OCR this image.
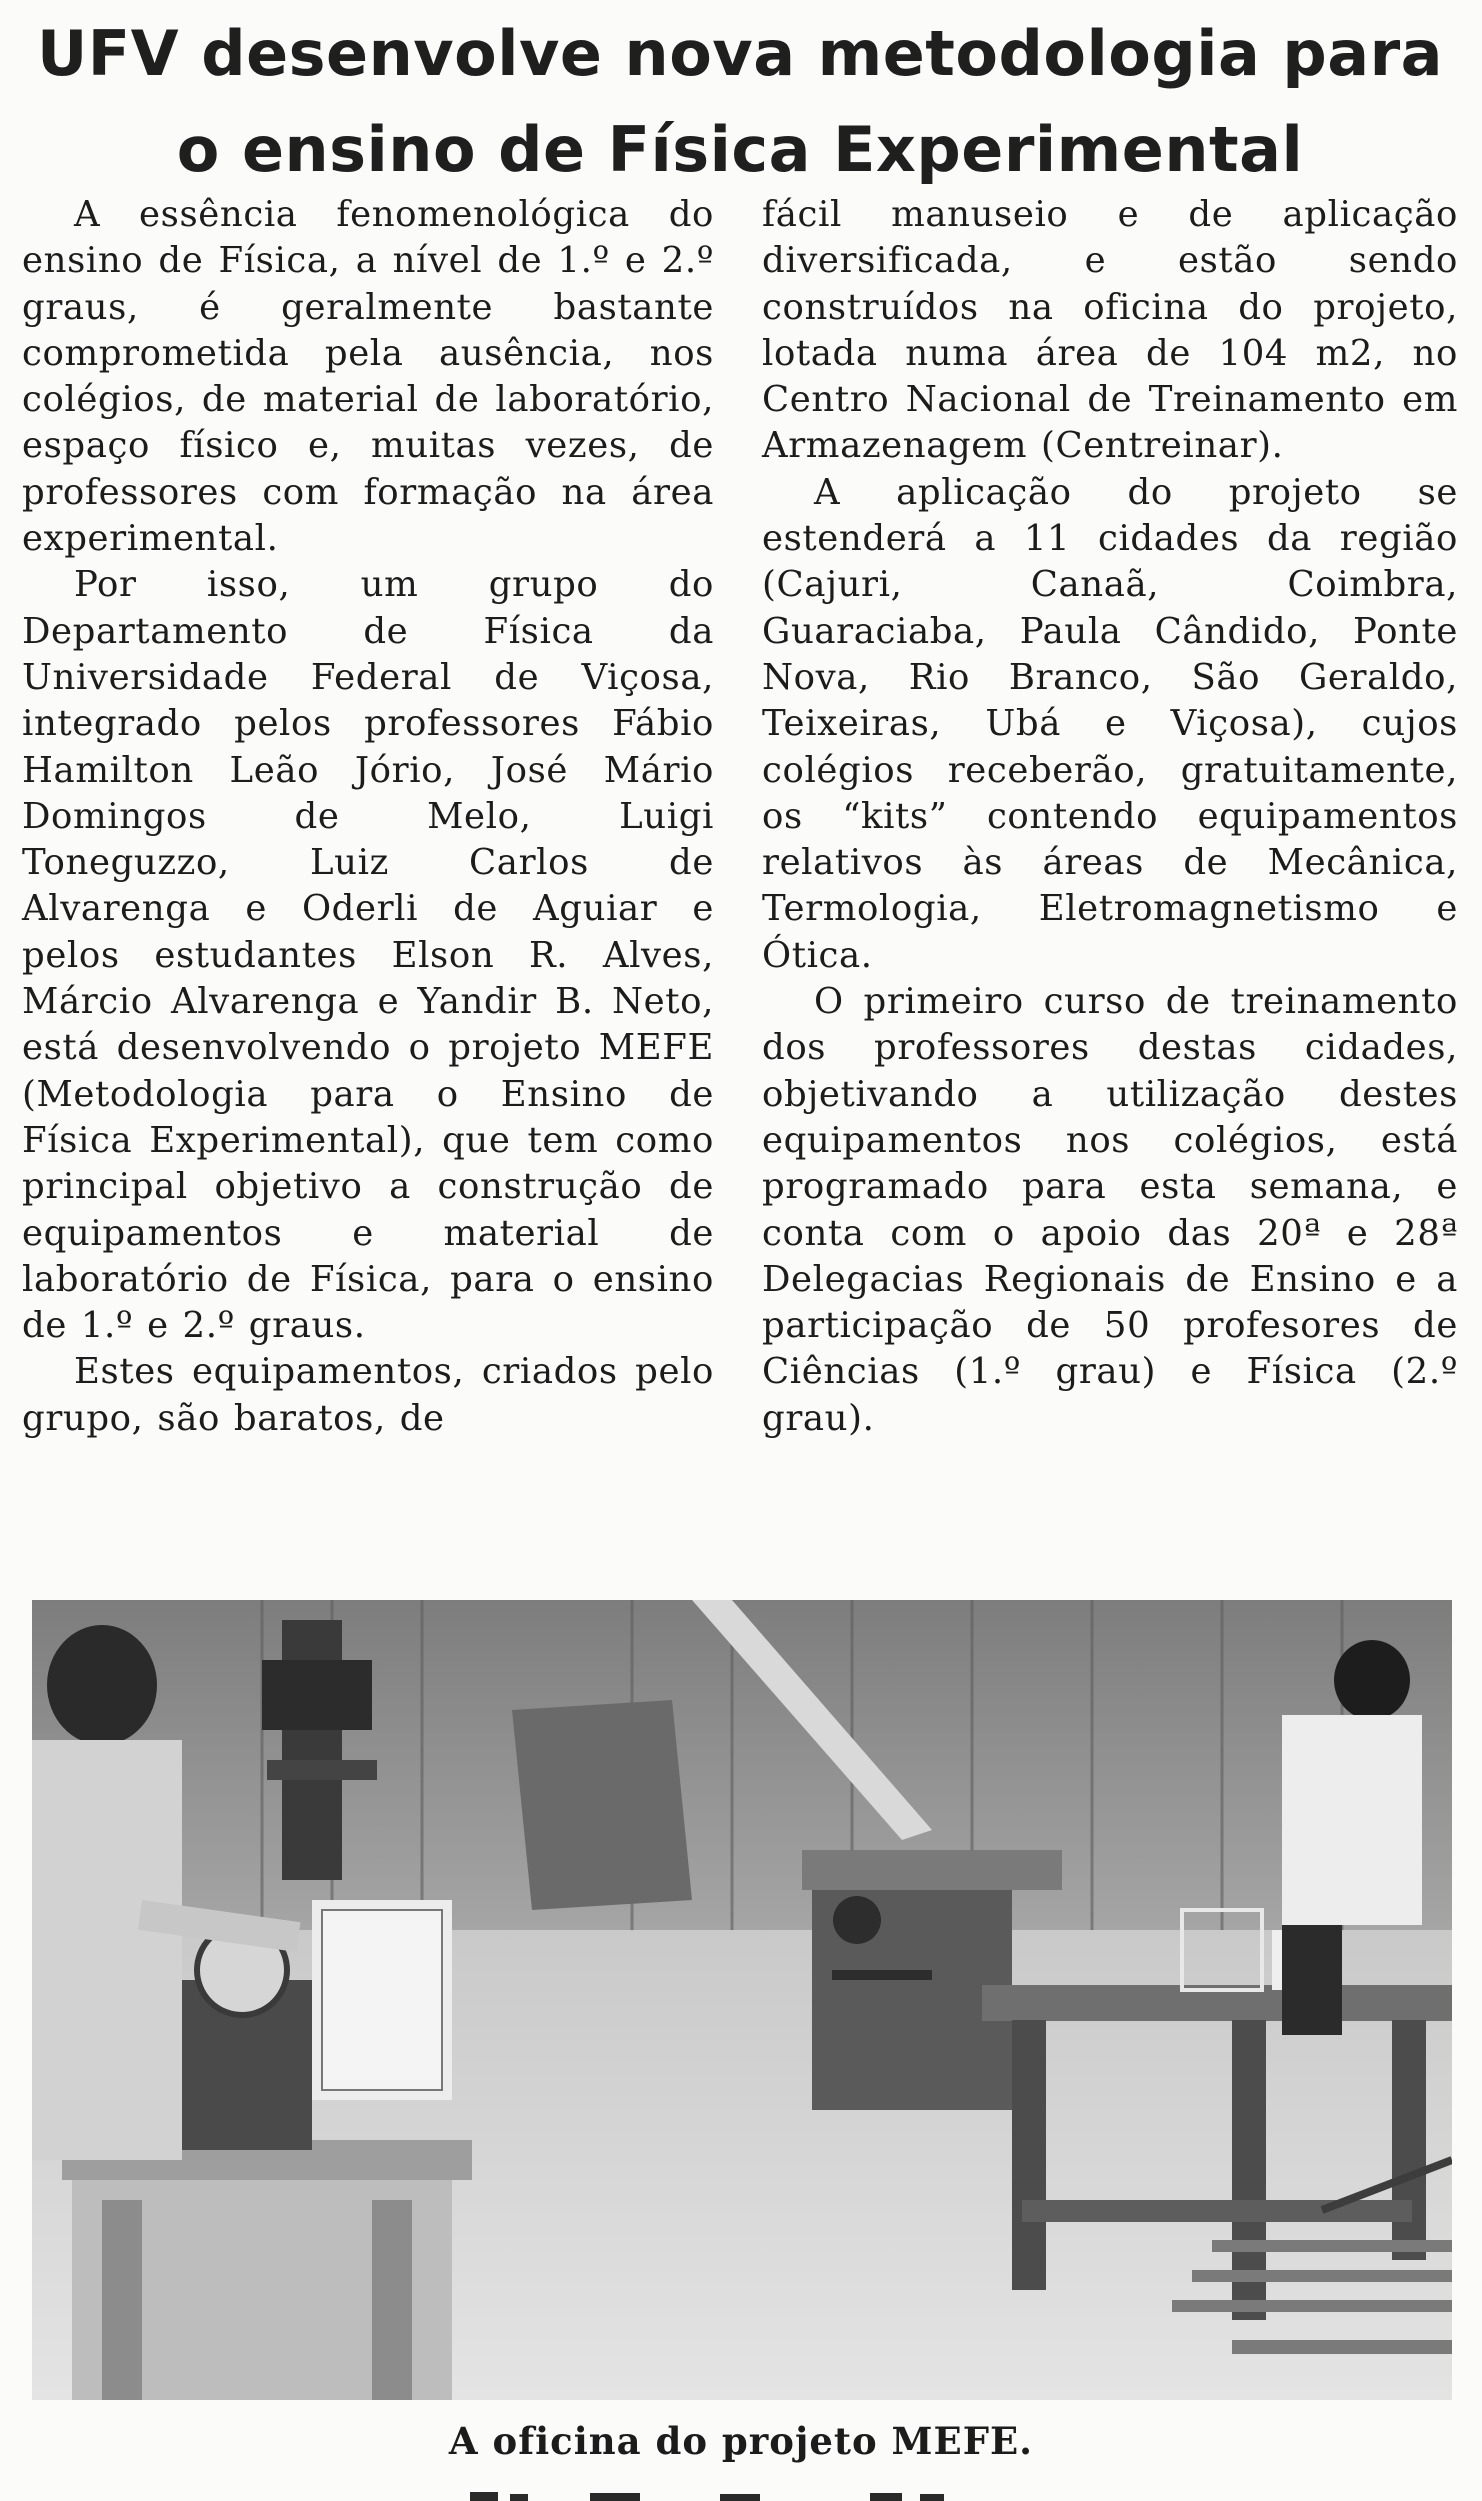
UFV desenvolve nova metodologia para
o ensino de Física Experimental

A essência fenomenológica do ensino de Física, a nível de 1.º e 2.º graus, é geralmente bastante comprometida pela ausência, nos colégios, de material de laboratório, espaço físico e, muitas vezes, de professores com formação na área experimental.

Por isso, um grupo do Departamento de Física da Universidade Federal de Viçosa, integrado pelos professores Fábio Hamilton Leão Jório, José Mário Domingos de Melo, Luigi Toneguzzo, Luiz Carlos de Alvarenga e Oderli de Aguiar e pelos estudantes Elson R. Alves, Márcio Alvarenga e Yandir B. Neto, está desenvolvendo o projeto MEFE (Metodologia para o Ensino de Física Experimental), que tem como principal objetivo a construção de equipamentos e material de laboratório de Física, para o ensino de 1.º e 2.º graus.

Estes equipamentos, criados pelo grupo, são baratos, de

fácil manuseio e de aplicação diversificada, e estão sendo construídos na oficina do projeto, lotada numa área de 104 m2, no Centro Nacional de Treinamento em Armazenagem (Centreinar).

A aplicação do projeto se estenderá a 11 cidades da região (Cajuri, Canaã, Coimbra, Guaraciaba, Paula Cândido, Ponte Nova, Rio Branco, São Geraldo, Teixeiras, Ubá e Viçosa), cujos colégios receberão, gratuitamente, os “kits” contendo equipamentos relativos às áreas de Mecânica, Termologia, Eletromagnetismo e Ótica.

O primeiro curso de treinamento dos professores destas cidades, objetivando a utilização destes equipamentos nos colégios, está programado para esta semana, e conta com o apoio das 20ª e 28ª Delegacias Regionais de Ensino e a participação de 50 profesores de Ciências (1.º grau) e Física (2.º grau).

A oficina do projeto MEFE.
